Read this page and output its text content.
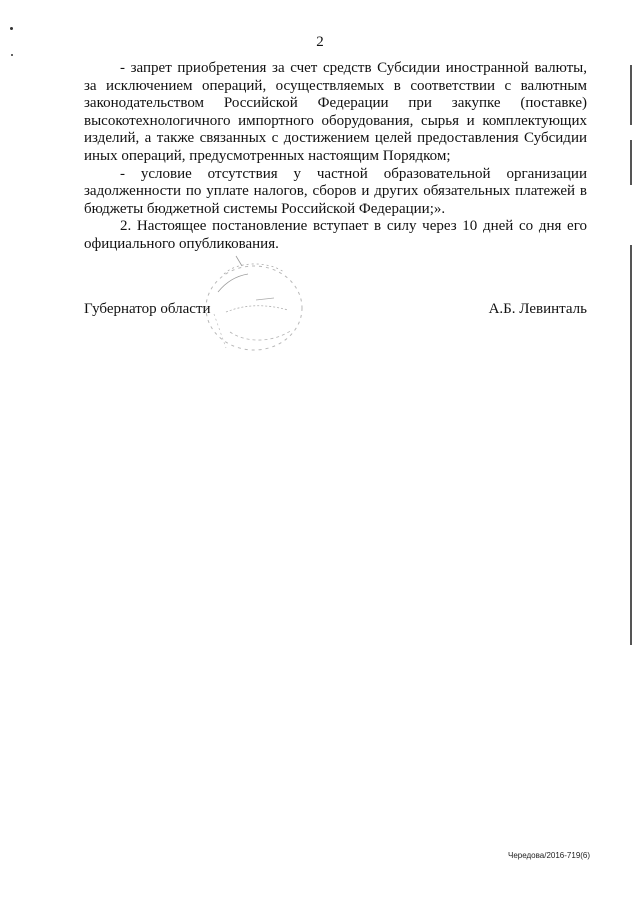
2

- запрет приобретения за счет средств Субсидии иностранной валюты, за исключением операций, осуществляемых в соответствии с валютным законодательством Российской Федерации при закупке (поставке) высокотехнологичного импортного оборудования, сырья и комплектующих изделий, а также связанных с достижением целей предоставления Субсидии иных операций, предусмотренных настоящим Порядком;

- условие отсутствия у частной образовательной организации задолженности по уплате налогов, сборов и других обязательных платежей в бюджеты бюджетной системы Российской Федерации;».

2. Настоящее постановление вступает в силу через 10 дней со дня его официального опубликования.

Губернатор области	А.Б. Левинталь
Чередова/2016-719(6)
